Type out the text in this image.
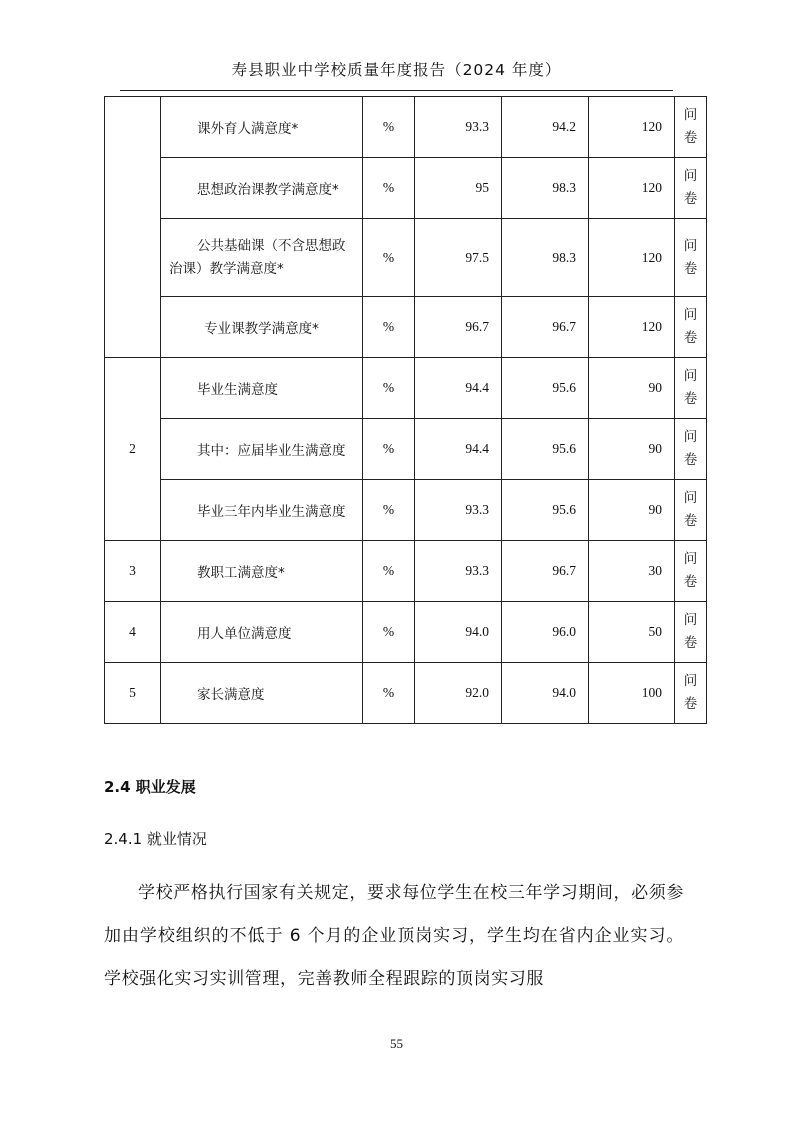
寿县职业中学校质量年度报告（2024 年度）
	课外育人满意度*	%	93.3	94.2	120	问
卷

	思想政治课教学满意度*	%	95	98.3	120	问
卷

	公共基础课（不含思想政
治课）教学满意度*	%	97.5	98.3	120	问
卷

	专业课教学满意度*	%	96.7	96.7	120	问
卷

2	毕业生满意度	%	94.4	95.6	90	问
卷

	其中：应届毕业生满意度	%	94.4	95.6	90	问
卷

	毕业三年内毕业生满意度	%	93.3	95.6	90	问
卷

3	教职工满意度*	%	93.3	96.7	30	问
卷

4	用人单位满意度	%	94.0	96.0	50	问
卷

5	家长满意度	%	92.0	94.0	100	问
卷
2.4 职业发展
2.4.1 就业情况
学校严格执行国家有关规定，要求每位学生在校三年学习期间，必须参加由学校组织的不低于 6 个月的企业顶岗实习，学生均在省内企业实习。学校强化实习实训管理，完善教师全程跟踪的顶岗实习服
55
